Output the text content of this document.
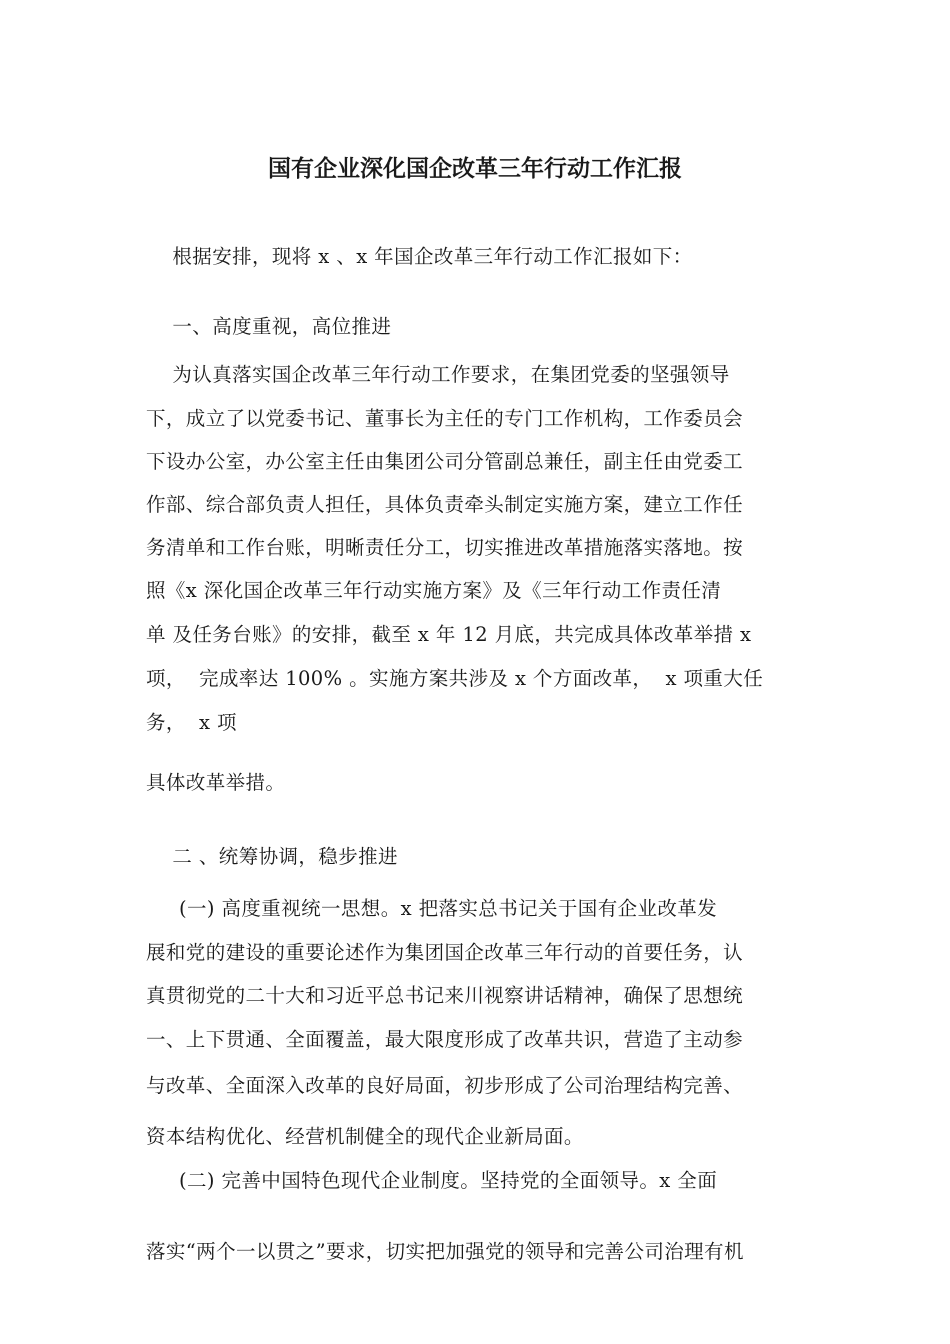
国有企业深化国企改革三年行动工作汇报
根据安排，现将 x 、x 年国企改革三年行动工作汇报如下：
一、高度重视，高位推进
为认真落实国企改革三年行动工作要求，在集团党委的坚强领导
下，成立了以党委书记、董事长为主任的专门工作机构，工作委员会
下设办公室，办公室主任由集团公司分管副总兼任，副主任由党委工
作部、综合部负责人担任，具体负责牵头制定实施方案，建立工作任
务清单和工作台账，明晰责任分工，切实推进改革措施落实落地。按
照《x 深化国企改革三年行动实施方案》及《三年行动工作责任清
单 及任务台账》的安排，截至 x 年 12 月底，共完成具体改革举措 x
项，  完成率达 100% 。实施方案共涉及 x 个方面改革，  x 项重大任
务，  x 项
具体改革举措。
二 、统筹协调，稳步推进
(一) 高度重视统一思想。x 把落实总书记关于国有企业改革发
展和党的建设的重要论述作为集团国企改革三年行动的首要任务，认
真贯彻党的二十大和习近平总书记来川视察讲话精神，确保了思想统
一、上下贯通、全面覆盖，最大限度形成了改革共识，营造了主动参
与改革、全面深入改革的良好局面，初步形成了公司治理结构完善、
资本结构优化、经营机制健全的现代企业新局面。
(二) 完善中国特色现代企业制度。坚持党的全面领导。x 全面
落实“两个一以贯之”要求，切实把加强党的领导和完善公司治理有机
